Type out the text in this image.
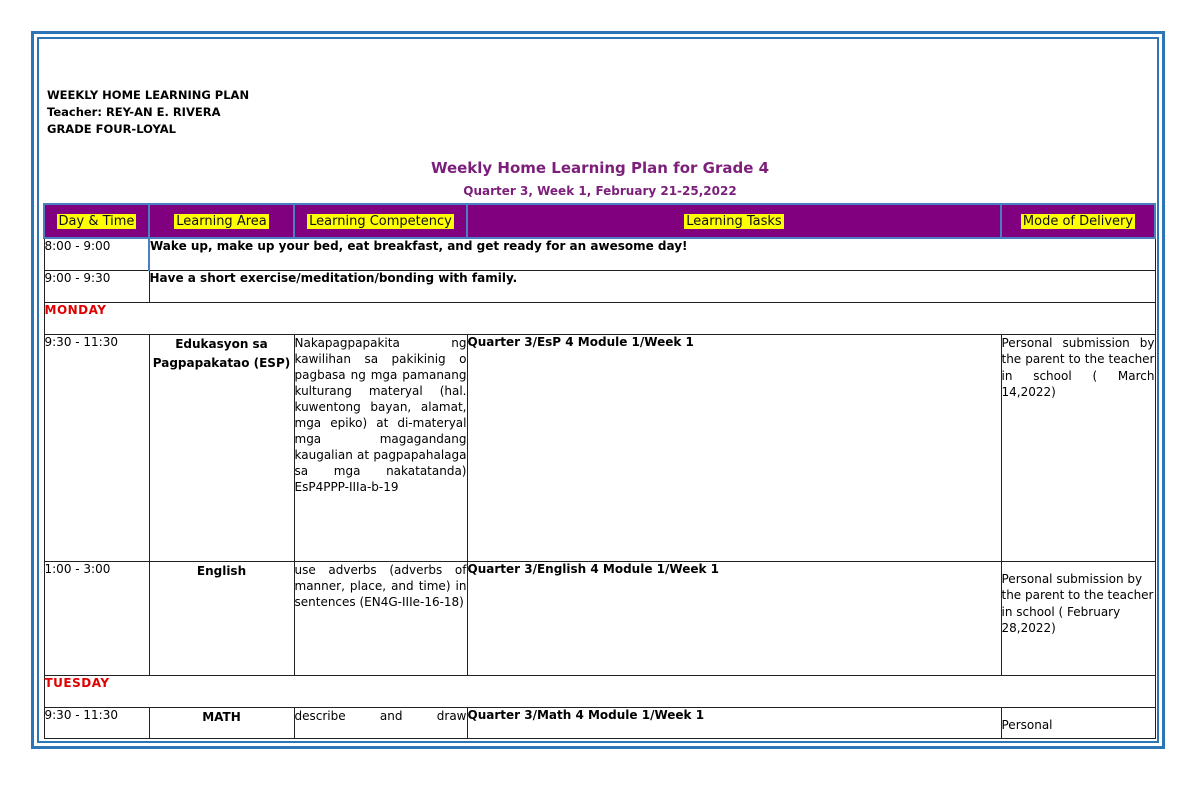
WEEKLY HOME LEARNING PLAN
Teacher: REY-AN E. RIVERA
GRADE FOUR-LOYAL
Weekly Home Learning Plan for Grade 4
Quarter 3, Week 1, February 21-25,2022
Day & Time	Learning Area	Learning Competency	Learning Tasks	Mode of Delivery
8:00 - 9:00	Wake up, make up your bed, eat breakfast, and get ready for an awesome day!			
9:00 - 9:30	Have a short exercise/meditation/bonding with family.			
MONDAY				
9:30 - 11:30	Edukasyon sa Pagpapakatao (ESP)	Nakapagpapakita ng kawilihan sa pakikinig o pagbasa ng mga pamanang kulturang materyal (hal. kuwentong bayan, alamat, mga epiko) at di-materyal mga magagandang kaugalian at pagpapahalaga sa mga nakatatanda) EsP4PPP-IIIa-b-19	Quarter 3/EsP 4 Module 1/Week 1	Personal submission by the parent to the teacher in school ( March 14,2022)
1:00 - 3:00	English	use adverbs (adverbs of manner, place, and time) in sentences (EN4G-IIIe-16-18)	Quarter 3/English 4 Module 1/Week 1	Personal submission by the parent to the teacher in school ( February 28,2022)
TUESDAY				
9:30 - 11:30	MATH	describe and draw	Quarter 3/Math 4 Module 1/Week 1	Personal
